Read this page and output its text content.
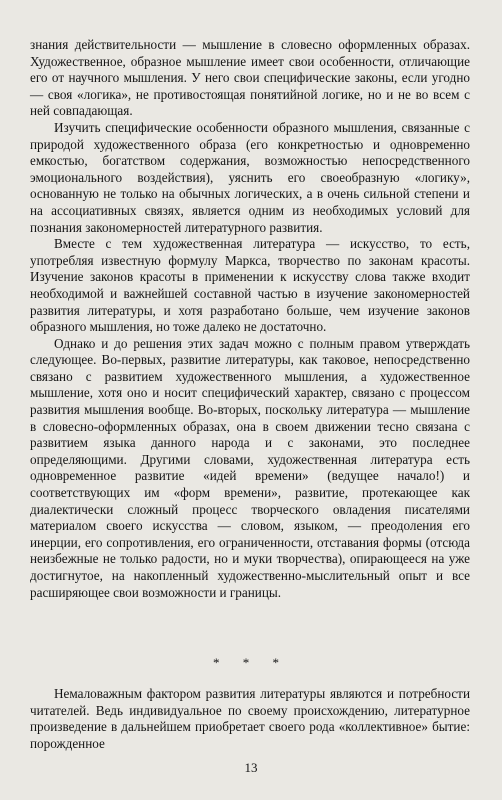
знания действительности — мышление в словесно оформленных образах. Художественное, образное мышление имеет свои особенности, отличающие его от научного мышления. У него свои специфические законы, если угодно — своя «логика», не противостоящая понятийной логике, но и не во всем с ней совпадающая.

Изучить специфические особенности образного мышления, связанные с природой художественного образа (его конкретностью и одновременно емкостью, богатством содержания, возможностью непосредственного эмоционального воздействия), уяснить его своеобразную «логику», основанную не только на обычных логических, а в очень сильной степени и на ассоциативных связях, является одним из необходимых условий для познания закономерностей литературного развития.

Вместе с тем художественная литература — искусство, то есть, употребляя известную формулу Маркса, творчество по законам красоты. Изучение законов красоты в применении к искусству слова также входит необходимой и важнейшей составной частью в изучение закономерностей развития литературы, и хотя разработано больше, чем изучение законов образного мышления, но тоже далеко не достаточно.

Однако и до решения этих задач можно с полным правом утверждать следующее. Во-первых, развитие литературы, как таковое, непосредственно связано с развитием художественного мышления, а художественное мышление, хотя оно и носит специфический характер, связано с процессом развития мышления вообще. Во-вторых, поскольку литература — мышление в словесно-оформленных образах, она в своем движении тесно связана с развитием языка данного народа и с законами, это последнее определяющими. Другими словами, художественная литература есть одновременное развитие «идей времени» (ведущее начало!) и соответствующих им «форм времени», развитие, протекающее как диалектически сложный процесс творческого овладения писателями материалом своего искусства — словом, языком, — преодоления его инерции, его сопротивления, его ограниченности, отставания формы (отсюда неизбежные не только радости, но и муки творчества), опирающееся на уже достигнутое, на накопленный художественно-мыслительный опыт и все расширяющее свои возможности и границы.

* * *

Немаловажным фактором развития литературы являются и потребности читателей. Ведь индивидуальное по своему происхождению, литературное произведение в дальнейшем приобретает своего рода «коллективное» бытие: порожденное

13
